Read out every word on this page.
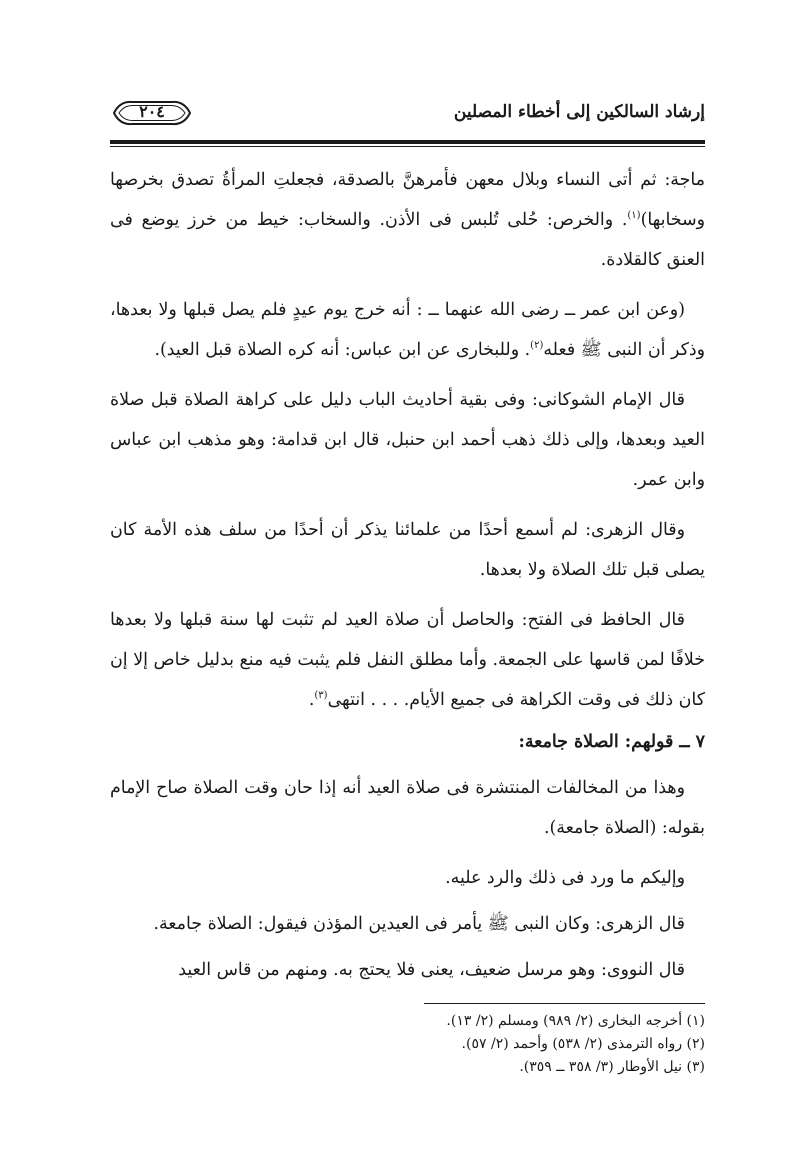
٢٠٤	إرشاد السالكين إلى أخطاء المصلين

ماجة: ثم أتى النساء وبلال معهن فأمرهنَّ بالصدقة، فجعلتِ المرأةُ تصدق بخرصها وسخابها)$^{(١)}$. والخرص: حُلى تُلبس فى الأذن. والسخاب: خيط من خرز يوضع فى العنق كالقلادة.

(وعن ابن عمر ــ رضى الله عنهما ــ : أنه خرج يوم عيدٍ فلم يصل قبلها ولا بعدها، وذكر أن النبى ﷺ فعله$^{(٢)}$. وللبخارى عن ابن عباس: أنه كره الصلاة قبل العيد).

قال الإمام الشوكانى: وفى بقية أحاديث الباب دليل على كراهة الصلاة قبل صلاة العيد وبعدها، وإلى ذلك ذهب أحمد ابن حنبل، قال ابن قدامة: وهو مذهب ابن عباس وابن عمر.

وقال الزهرى: لم أسمع أحدًا من علمائنا يذكر أن أحدًا من سلف هذه الأمة كان يصلى قبل تلك الصلاة ولا بعدها.

قال الحافظ فى الفتح: والحاصل أن صلاة العيد لم تثبت لها سنة قبلها ولا بعدها خلافًا لمن قاسها على الجمعة. وأما مطلق النفل فلم يثبت فيه منع بدليل خاص إلا إن كان ذلك فى وقت الكراهة فى جميع الأيام. . . . انتهى$^{(٣)}$.

٧ ــ قولهم: الصلاة جامعة:

وهذا من المخالفات المنتشرة فى صلاة العيد أنه إذا حان وقت الصلاة صاح الإمام بقوله: (الصلاة جامعة).

وإليكم ما ورد فى ذلك والرد عليه.

قال الزهرى: وكان النبى ﷺ يأمر فى العيدين المؤذن فيقول: الصلاة جامعة.

قال النووى: وهو مرسل ضعيف، يعنى فلا يحتج به. ومنهم من قاس العيد

(١) أخرجه البخارى (٢/ ٩٨٩) ومسلم (٢/ ١٣).

(٢) رواه الترمذى (٢/ ٥٣٨) وأحمد (٢/ ٥٧).

(٣) نيل الأوطار (٣/ ٣٥٨ ــ ٣٥٩).
